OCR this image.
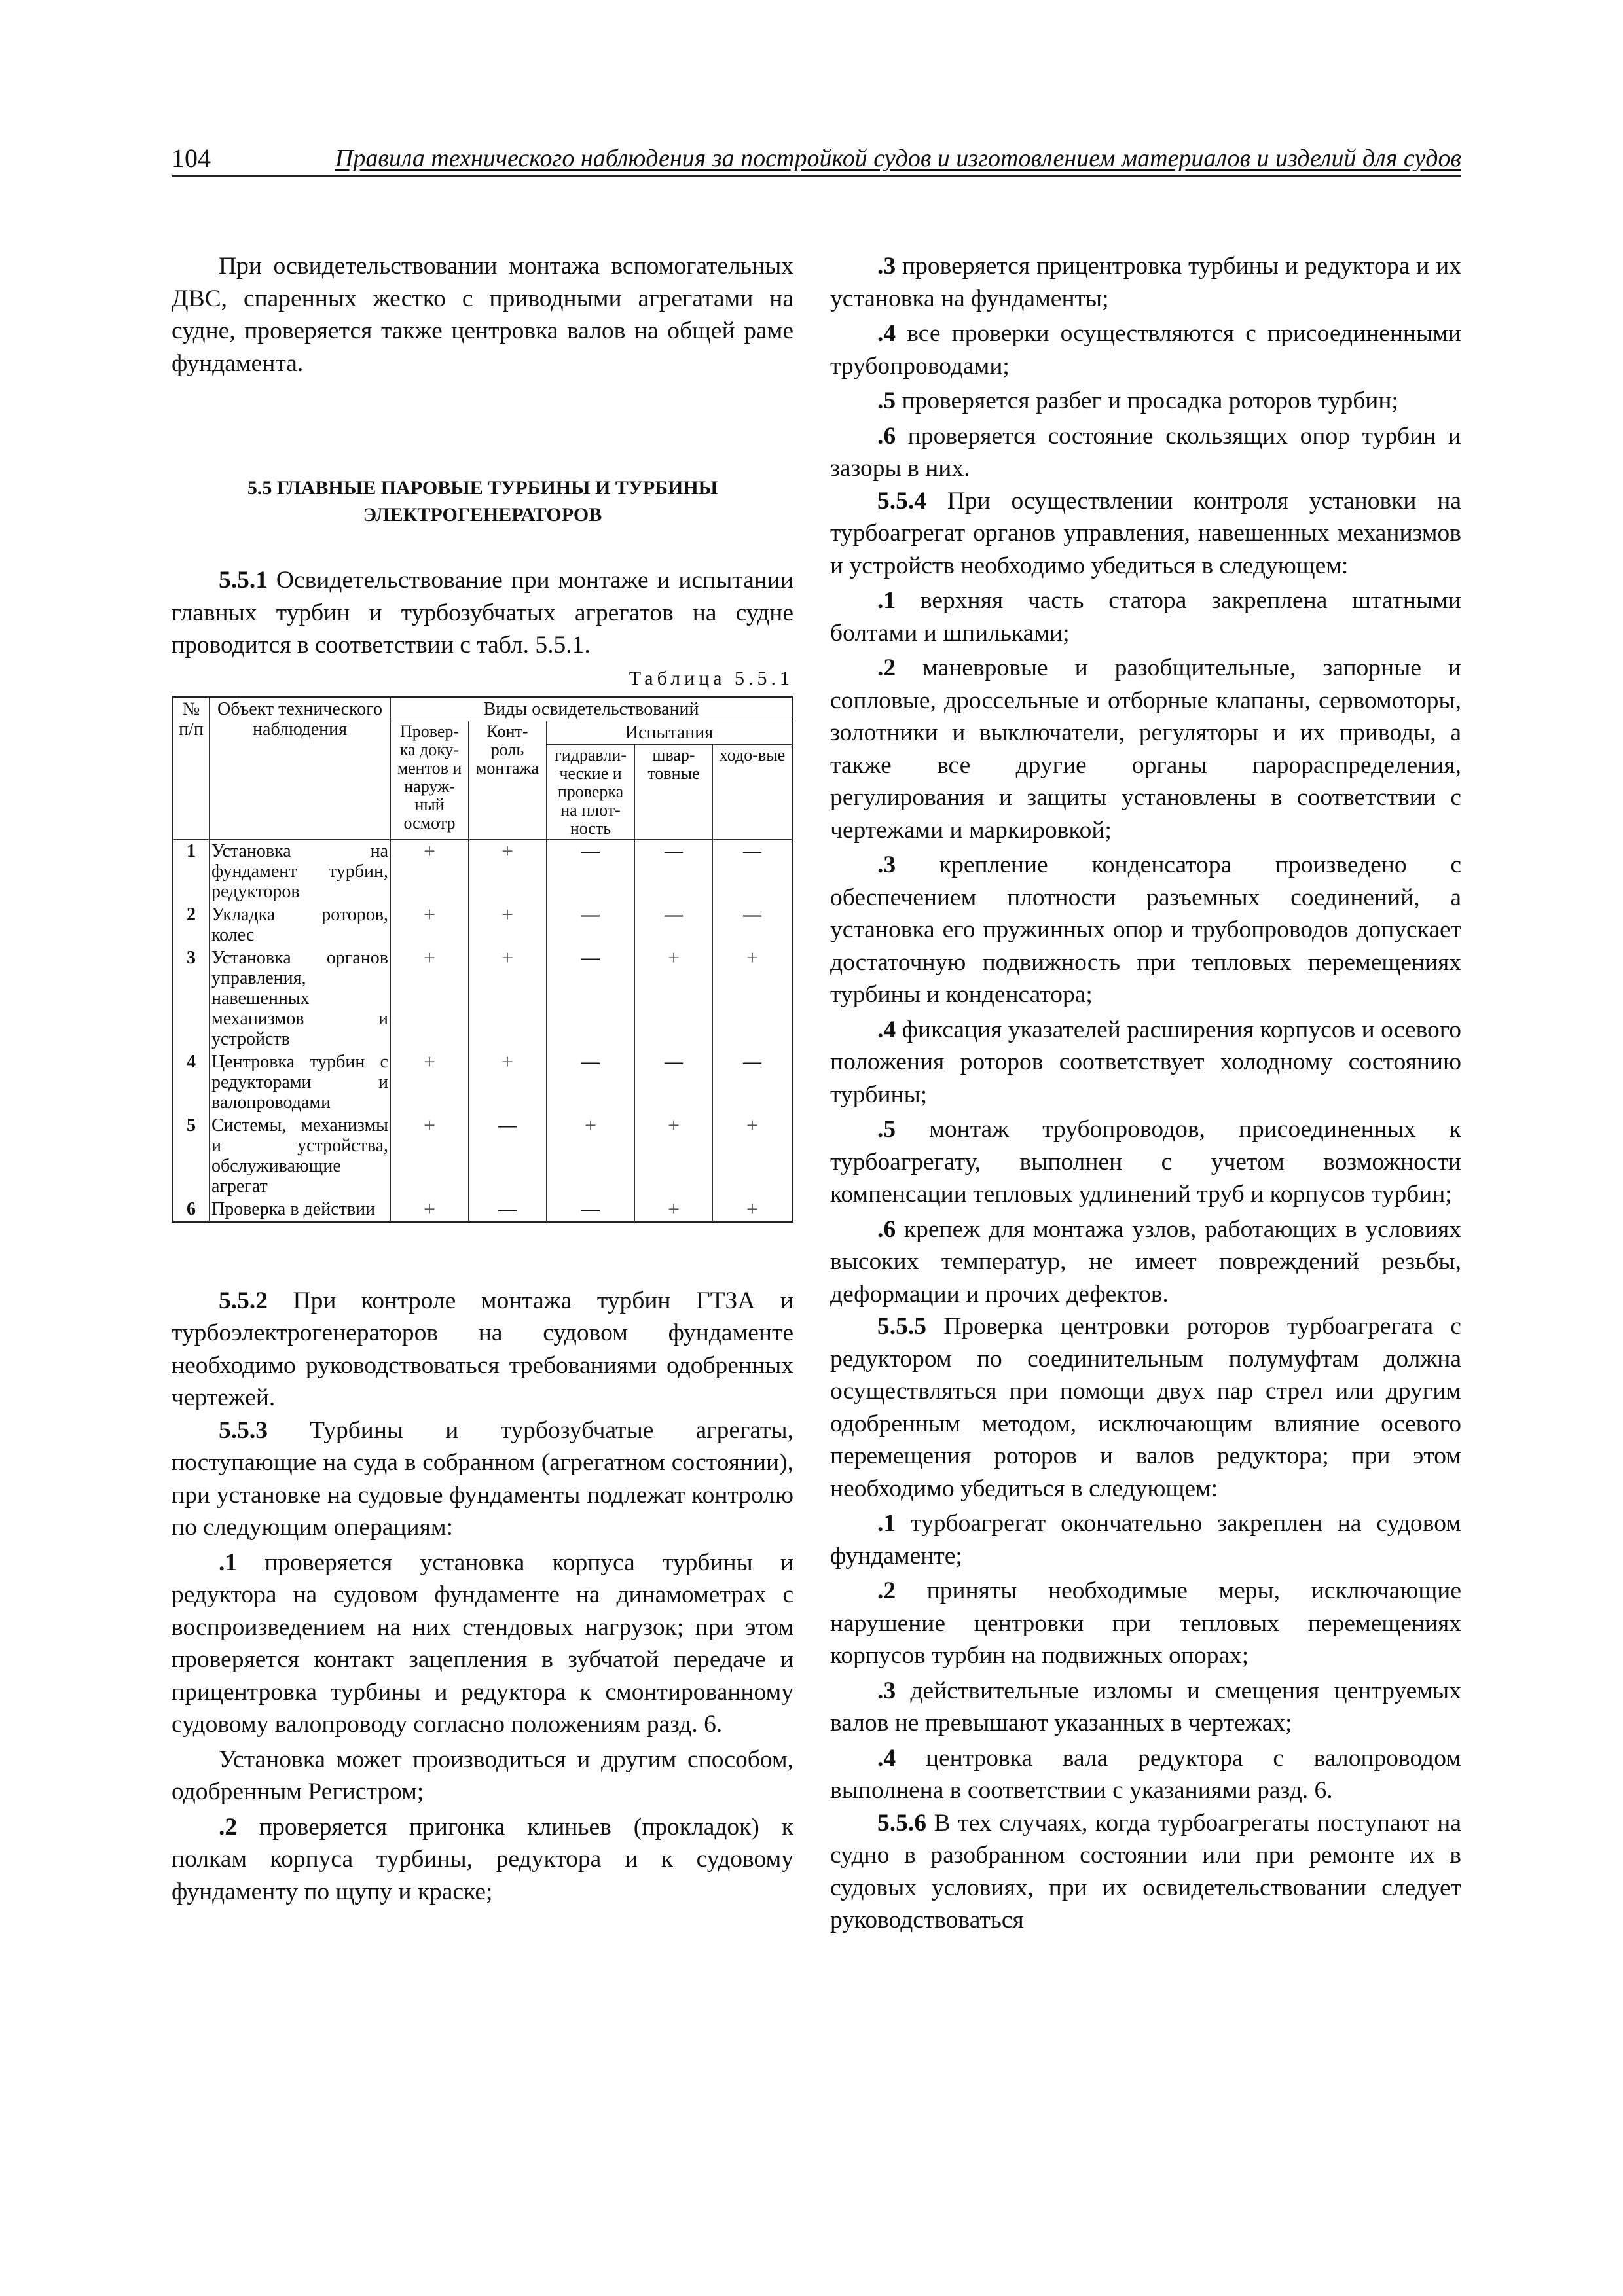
104	Правила технического наблюдения за постройкой судов и изготовлением материалов и изделий для судов

При освидетельствовании монтажа вспомогательных ДВС, спаренных жестко с приводными агрегатами на судне, проверяется также центровка валов на общей раме фундамента.

5.5 ГЛАВНЫЕ ПАРОВЫЕ ТУРБИНЫ И ТУРБИНЫ ЭЛЕКТРОГЕНЕРАТОРОВ

5.5.1 Освидетельствование при монтаже и испытании главных турбин и турбозубчатых агрегатов на судне проводится в соответствии с табл. 5.5.1.

Таблица 5.5.1
№ п/п	Объект технического наблюдения	Виды освидетельствований				
		Провер-ка доку-ментов и наруж-ный осмотр	Конт-роль монтажа	Испытания		
				гидравли-ческие и проверка на плот-ность	швар-товные	ходо-вые
1	Установка на фундамент турбин, редукторов	+	+	—	—	—
2	Укладка роторов, колес	+	+	—	—	—
3	Установка органов управления, навешенных механизмов и устройств	+	+	—	+	+
4	Центровка турбин с редукторами и валопроводами	+	+	—	—	—
5	Системы, механизмы и устройства, обслуживающие агрегат	+	—	+	+	+
6	Проверка в действии	+	—	—	+	+

5.5.2 При контроле монтажа турбин ГТЗА и турбоэлектрогенераторов на судовом фундаменте необходимо руководствоваться требованиями одобренных чертежей.

5.5.3 Турбины и турбозубчатые агрегаты, поступающие на суда в собранном (агрегатном состоянии), при установке на судовые фундаменты подлежат контролю по следующим операциям:

.1 проверяется установка корпуса турбины и редуктора на судовом фундаменте на динамометрах с воспроизведением на них стендовых нагрузок; при этом проверяется контакт зацепления в зубчатой передаче и прицентровка турбины и редуктора к смонтированному судовому валопроводу согласно положениям разд. 6.

Установка может производиться и другим способом, одобренным Регистром;

.2 проверяется пригонка клиньев (прокладок) к полкам корпуса турбины, редуктора и к судовому фундаменту по щупу и краске;

.3 проверяется прицентровка турбины и редуктора и их установка на фундаменты;

.4 все проверки осуществляются с присоединенными трубопроводами;

.5 проверяется разбег и просадка роторов турбин;

.6 проверяется состояние скользящих опор турбин и зазоры в них.

5.5.4 При осуществлении контроля установки на турбоагрегат органов управления, навешенных механизмов и устройств необходимо убедиться в следующем:

.1 верхняя часть статора закреплена штатными болтами и шпильками;

.2 маневровые и разобщительные, запорные и сопловые, дроссельные и отборные клапаны, сервомоторы, золотники и выключатели, регуляторы и их приводы, а также все другие органы парораспределения, регулирования и защиты установлены в соответствии с чертежами и маркировкой;

.3 крепление конденсатора произведено с обеспечением плотности разъемных соединений, а установка его пружинных опор и трубопроводов допускает достаточную подвижность при тепловых перемещениях турбины и конденсатора;

.4 фиксация указателей расширения корпусов и осевого положения роторов соответствует холодному состоянию турбины;

.5 монтаж трубопроводов, присоединенных к турбоагрегату, выполнен с учетом возможности компенсации тепловых удлинений труб и корпусов турбин;

.6 крепеж для монтажа узлов, работающих в условиях высоких температур, не имеет повреждений резьбы, деформации и прочих дефектов.

5.5.5 Проверка центровки роторов турбоагрегата с редуктором по соединительным полумуфтам должна осуществляться при помощи двух пар стрел или другим одобренным методом, исключающим влияние осевого перемещения роторов и валов редуктора; при этом необходимо убедиться в следующем:

.1 турбоагрегат окончательно закреплен на судовом фундаменте;

.2 приняты необходимые меры, исключающие нарушение центровки при тепловых перемещениях корпусов турбин на подвижных опорах;

.3 действительные изломы и смещения центруемых валов не превышают указанных в чертежах;

.4 центровка вала редуктора с валопроводом выполнена в соответствии с указаниями разд. 6.

5.5.6 В тех случаях, когда турбоагрегаты поступают на судно в разобранном состоянии или при ремонте их в судовых условиях, при их освидетельствовании следует руководствоваться
